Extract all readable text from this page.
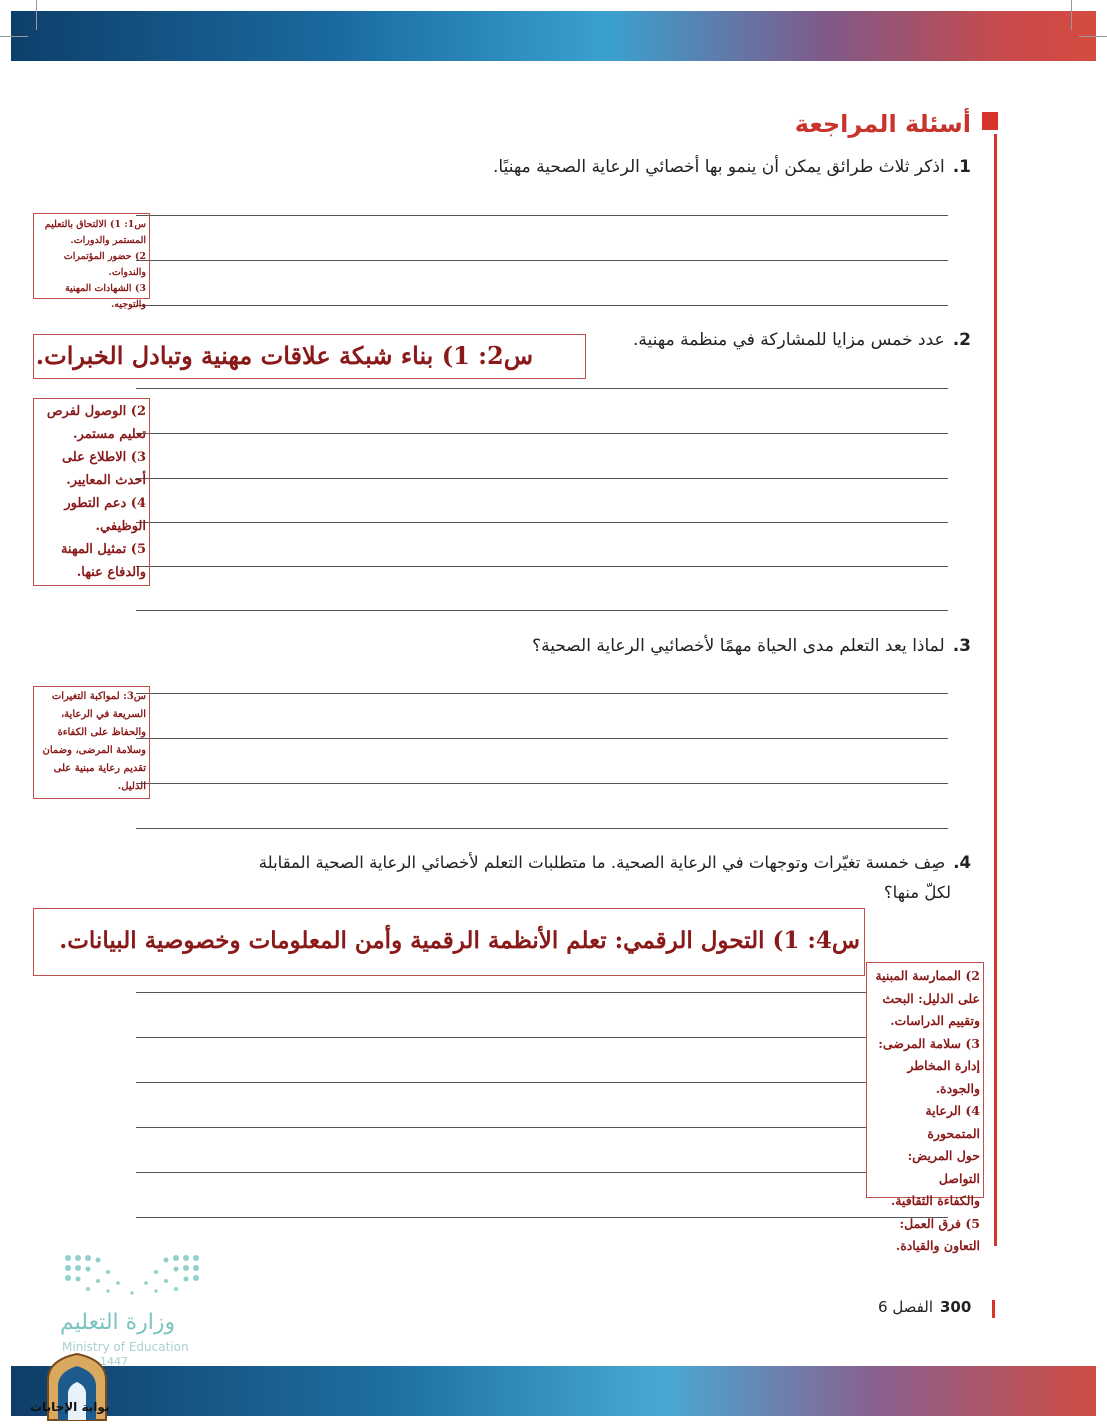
أسئلة المراجعة
1.اذكر ثلاث طرائق يمكن أن ينمو بها أخصائي الرعاية الصحية مهنيًا.
س1: 1) الالتحاق بالتعليم
المستمر والدورات.
2) حضور المؤتمرات
والندوات.
3) الشهادات المهنية والتوجيه.
2.عدد خمس مزايا للمشاركة في منظمة مهنية.
س2: 1) بناء شبكة علاقات مهنية وتبادل الخبرات.
2) الوصول لفرص
تعليم مستمر.
3) الاطلاع على
أحدث المعايير.
4) دعم التطور
الوظيفي.
5) تمثيل المهنة
والدفاع عنها.
3.لماذا يعد التعلم مدى الحياة مهمًا لأخصائيي الرعاية الصحية؟
س3: لمواكبة التغيرات
السريعة في الرعاية،
والحفاظ على الكفاءة
وسلامة المرضى، وضمان
تقديم رعاية مبنية على
الدليل.
4.صِف خمسة تغيّرات وتوجهات في الرعاية الصحية. ما متطلبات التعلم لأخصائي الرعاية الصحية المقابلة
لكلّ منها؟
س4: 1) التحول الرقمي: تعلم الأنظمة الرقمية وأمن المعلومات وخصوصية البيانات.
2) الممارسة المبنية
على الدليل: البحث
وتقييم الدراسات.
3) سلامة المرضى:
إدارة المخاطر والجودة.
4) الرعاية المتمحورة
حول المريض: التواصل
والكفاءة الثقافية.
5) فرق العمل:
التعاون والقيادة.
300
الفصل 6
وزارة التعليم
Ministry of Education
1447
بوابة الإجابات
